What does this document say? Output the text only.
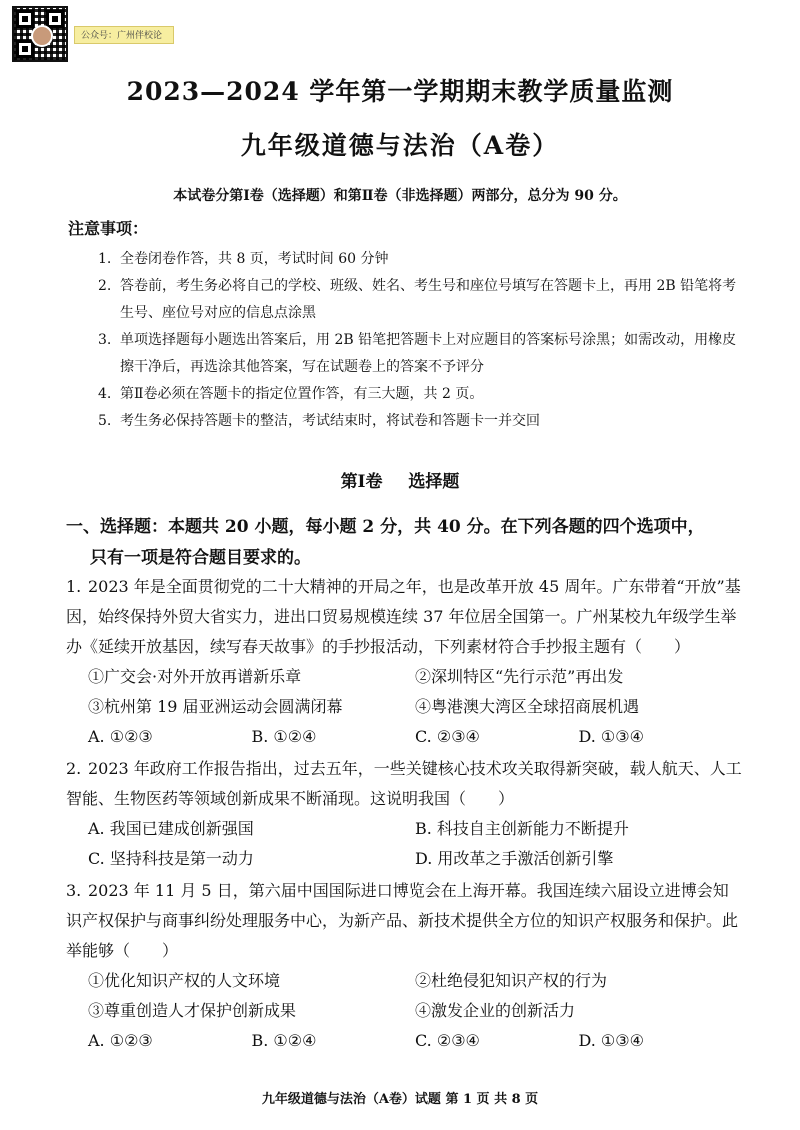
公众号：广州伴校论
2023—2024 学年第一学期期末教学质量监测
九年级道德与法治（A卷）
本试卷分第Ⅰ卷（选择题）和第Ⅱ卷（非选择题）两部分，总分为 90 分。
注意事项：
1. 全卷闭卷作答，共 8 页，考试时间 60 分钟
2. 答卷前，考生务必将自己的学校、班级、姓名、考生号和座位号填写在答题卡上，再用 2B 铅笔将考生号、座位号对应的信息点涂黑
3. 单项选择题每小题选出答案后，用 2B 铅笔把答题卡上对应题目的答案标号涂黑；如需改动，用橡皮擦干净后，再选涂其他答案，写在试题卷上的答案不予评分
4. 第Ⅱ卷必须在答题卡的指定位置作答，有三大题，共 2 页。
5. 考生务必保持答题卡的整洁，考试结束时，将试卷和答题卡一并交回
第Ⅰ卷 选择题
一、选择题：本题共 20 小题，每小题 2 分，共 40 分。在下列各题的四个选项中，
只有一项是符合题目要求的。
1. 2023 年是全面贯彻党的二十大精神的开局之年，也是改革开放 45 周年。广东带着“开放”基因，始终保持外贸大省实力，进出口贸易规模连续 37 年位居全国第一。广州某校九年级学生举办《延续开放基因，续写春天故事》的手抄报活动，下列素材符合手抄报主题有（　　）
①广交会·对外开放再谱新乐章	②深圳特区“先行示范”再出发
③杭州第 19 届亚洲运动会圆满闭幕	④粤港澳大湾区全球招商展机遇
A. ①②③	B. ①②④	C. ②③④	D. ①③④
2. 2023 年政府工作报告指出，过去五年，一些关键核心技术攻关取得新突破，载人航天、人工智能、生物医药等领域创新成果不断涌现。这说明我国（　　）
A. 我国已建成创新强国	B. 科技自主创新能力不断提升
C. 坚持科技是第一动力	D. 用改革之手激活创新引擎
3. 2023 年 11 月 5 日，第六届中国国际进口博览会在上海开幕。我国连续六届设立进博会知识产权保护与商事纠纷处理服务中心，为新产品、新技术提供全方位的知识产权服务和保护。此举能够（　　）
①优化知识产权的人文环境	②杜绝侵犯知识产权的行为
③尊重创造人才保护创新成果	④激发企业的创新活力
A. ①②③	B. ①②④	C. ②③④	D. ①③④
九年级道德与法治（A卷）试题 第 1 页 共 8 页
